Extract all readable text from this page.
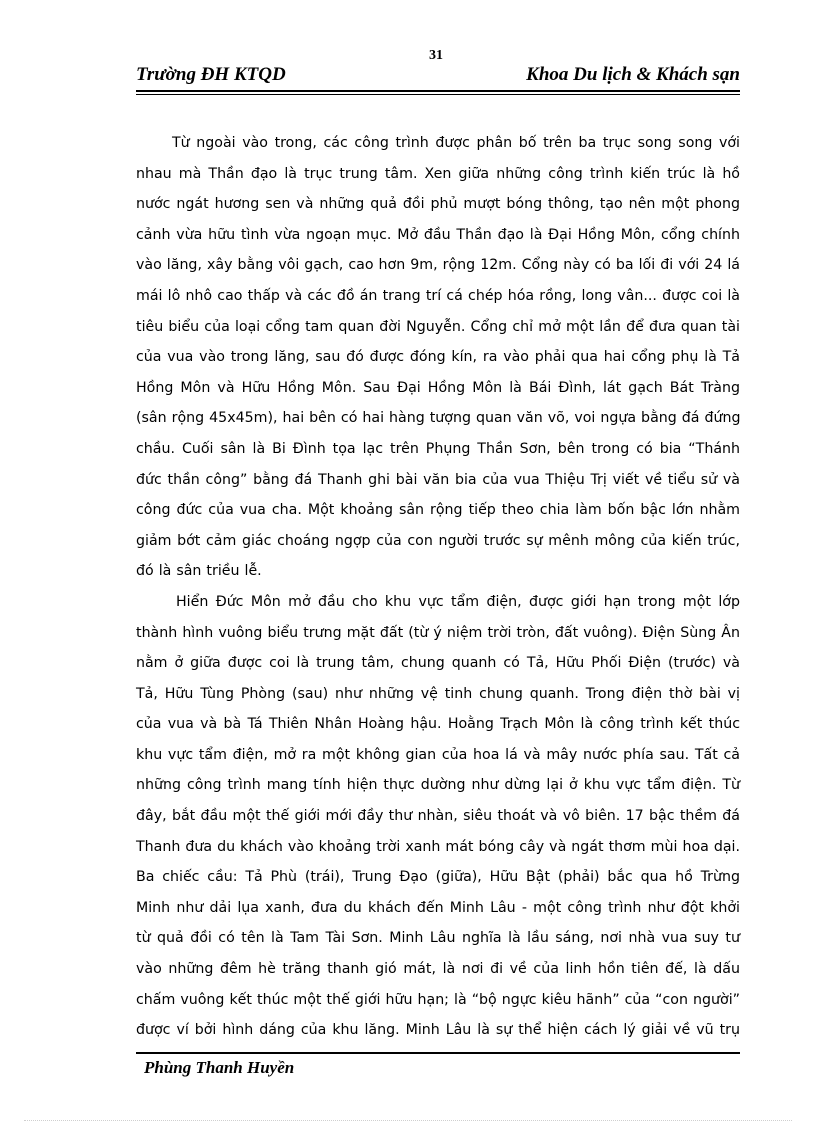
31
Trường ĐH KTQD	Khoa Du lịch & Khách sạn
Từ ngoài vào trong, các công trình được phân bố trên ba trục song song với
nhau mà Thần đạo là trục trung tâm. Xen giữa những công trình kiến trúc là hồ
nước ngát hương sen và những quả đồi phủ mượt bóng thông, tạo nên một phong
cảnh vừa hữu tình vừa ngoạn mục. Mở đầu Thần đạo là Đại Hồng Môn, cổng chính
vào lăng, xây bằng vôi gạch, cao hơn 9m, rộng 12m. Cổng này có ba lối đi với 24 lá
mái lô nhô cao thấp và các đồ án trang trí cá chép hóa rồng, long vân... được coi là
tiêu biểu của loại cổng tam quan đời Nguyễn. Cổng chỉ mở một lần để đưa quan tài
của vua vào trong lăng, sau đó được đóng kín, ra vào phải qua hai cổng phụ là Tả
Hồng Môn và Hữu Hồng Môn. Sau Đại Hồng Môn là Bái Đình, lát gạch Bát Tràng
(sân rộng 45x45m), hai bên có hai hàng tượng quan văn võ, voi ngựa bằng đá đứng
chầu. Cuối sân là Bi Đình tọa lạc trên Phụng Thần Sơn, bên trong có bia “Thánh
đức thần công” bằng đá Thanh ghi bài văn bia của vua Thiệu Trị viết về tiểu sử và
công đức của vua cha. Một khoảng sân rộng tiếp theo chia làm bốn bậc lớn nhằm
giảm bớt cảm giác choáng ngợp của con người trước sự mênh mông của kiến trúc,
đó là sân triều lễ.
Hiển Đức Môn mở đầu cho khu vực tẩm điện, được giới hạn trong một lớp
thành hình vuông biểu trưng mặt đất (từ ý niệm trời tròn, đất vuông). Điện Sùng Ân
nằm ở giữa được coi là trung tâm, chung quanh có Tả, Hữu Phối Điện (trước) và
Tả, Hữu Tùng Phòng (sau) như những vệ tinh chung quanh. Trong điện thờ bài vị
của vua và bà Tá Thiên Nhân Hoàng hậu. Hoằng Trạch Môn là công trình kết thúc
khu vực tẩm điện, mở ra một không gian của hoa lá và mây nước phía sau. Tất cả
những công trình mang tính hiện thực dường như dừng lại ở khu vực tẩm điện. Từ
đây, bắt đầu một thế giới mới đầy thư nhàn, siêu thoát và vô biên. 17 bậc thềm đá
Thanh đưa du khách vào khoảng trời xanh mát bóng cây và ngát thơm mùi hoa dại.
Ba chiếc cầu: Tả Phù (trái), Trung Đạo (giữa), Hữu Bật (phải) bắc qua hồ Trừng
Minh như dải lụa xanh, đưa du khách đến Minh Lâu - một công trình như đột khởi
từ quả đồi có tên là Tam Tài Sơn. Minh Lâu nghĩa là lầu sáng, nơi nhà vua suy tư
vào những đêm hè trăng thanh gió mát, là nơi đi về của linh hồn tiên đế, là dấu
chấm vuông kết thúc một thế giới hữu hạn; là “bộ ngực kiêu hãnh” của “con người”
được ví bởi hình dáng của khu lăng. Minh Lâu là sự thể hiện cách lý giải về vũ trụ
Phùng Thanh Huyền
